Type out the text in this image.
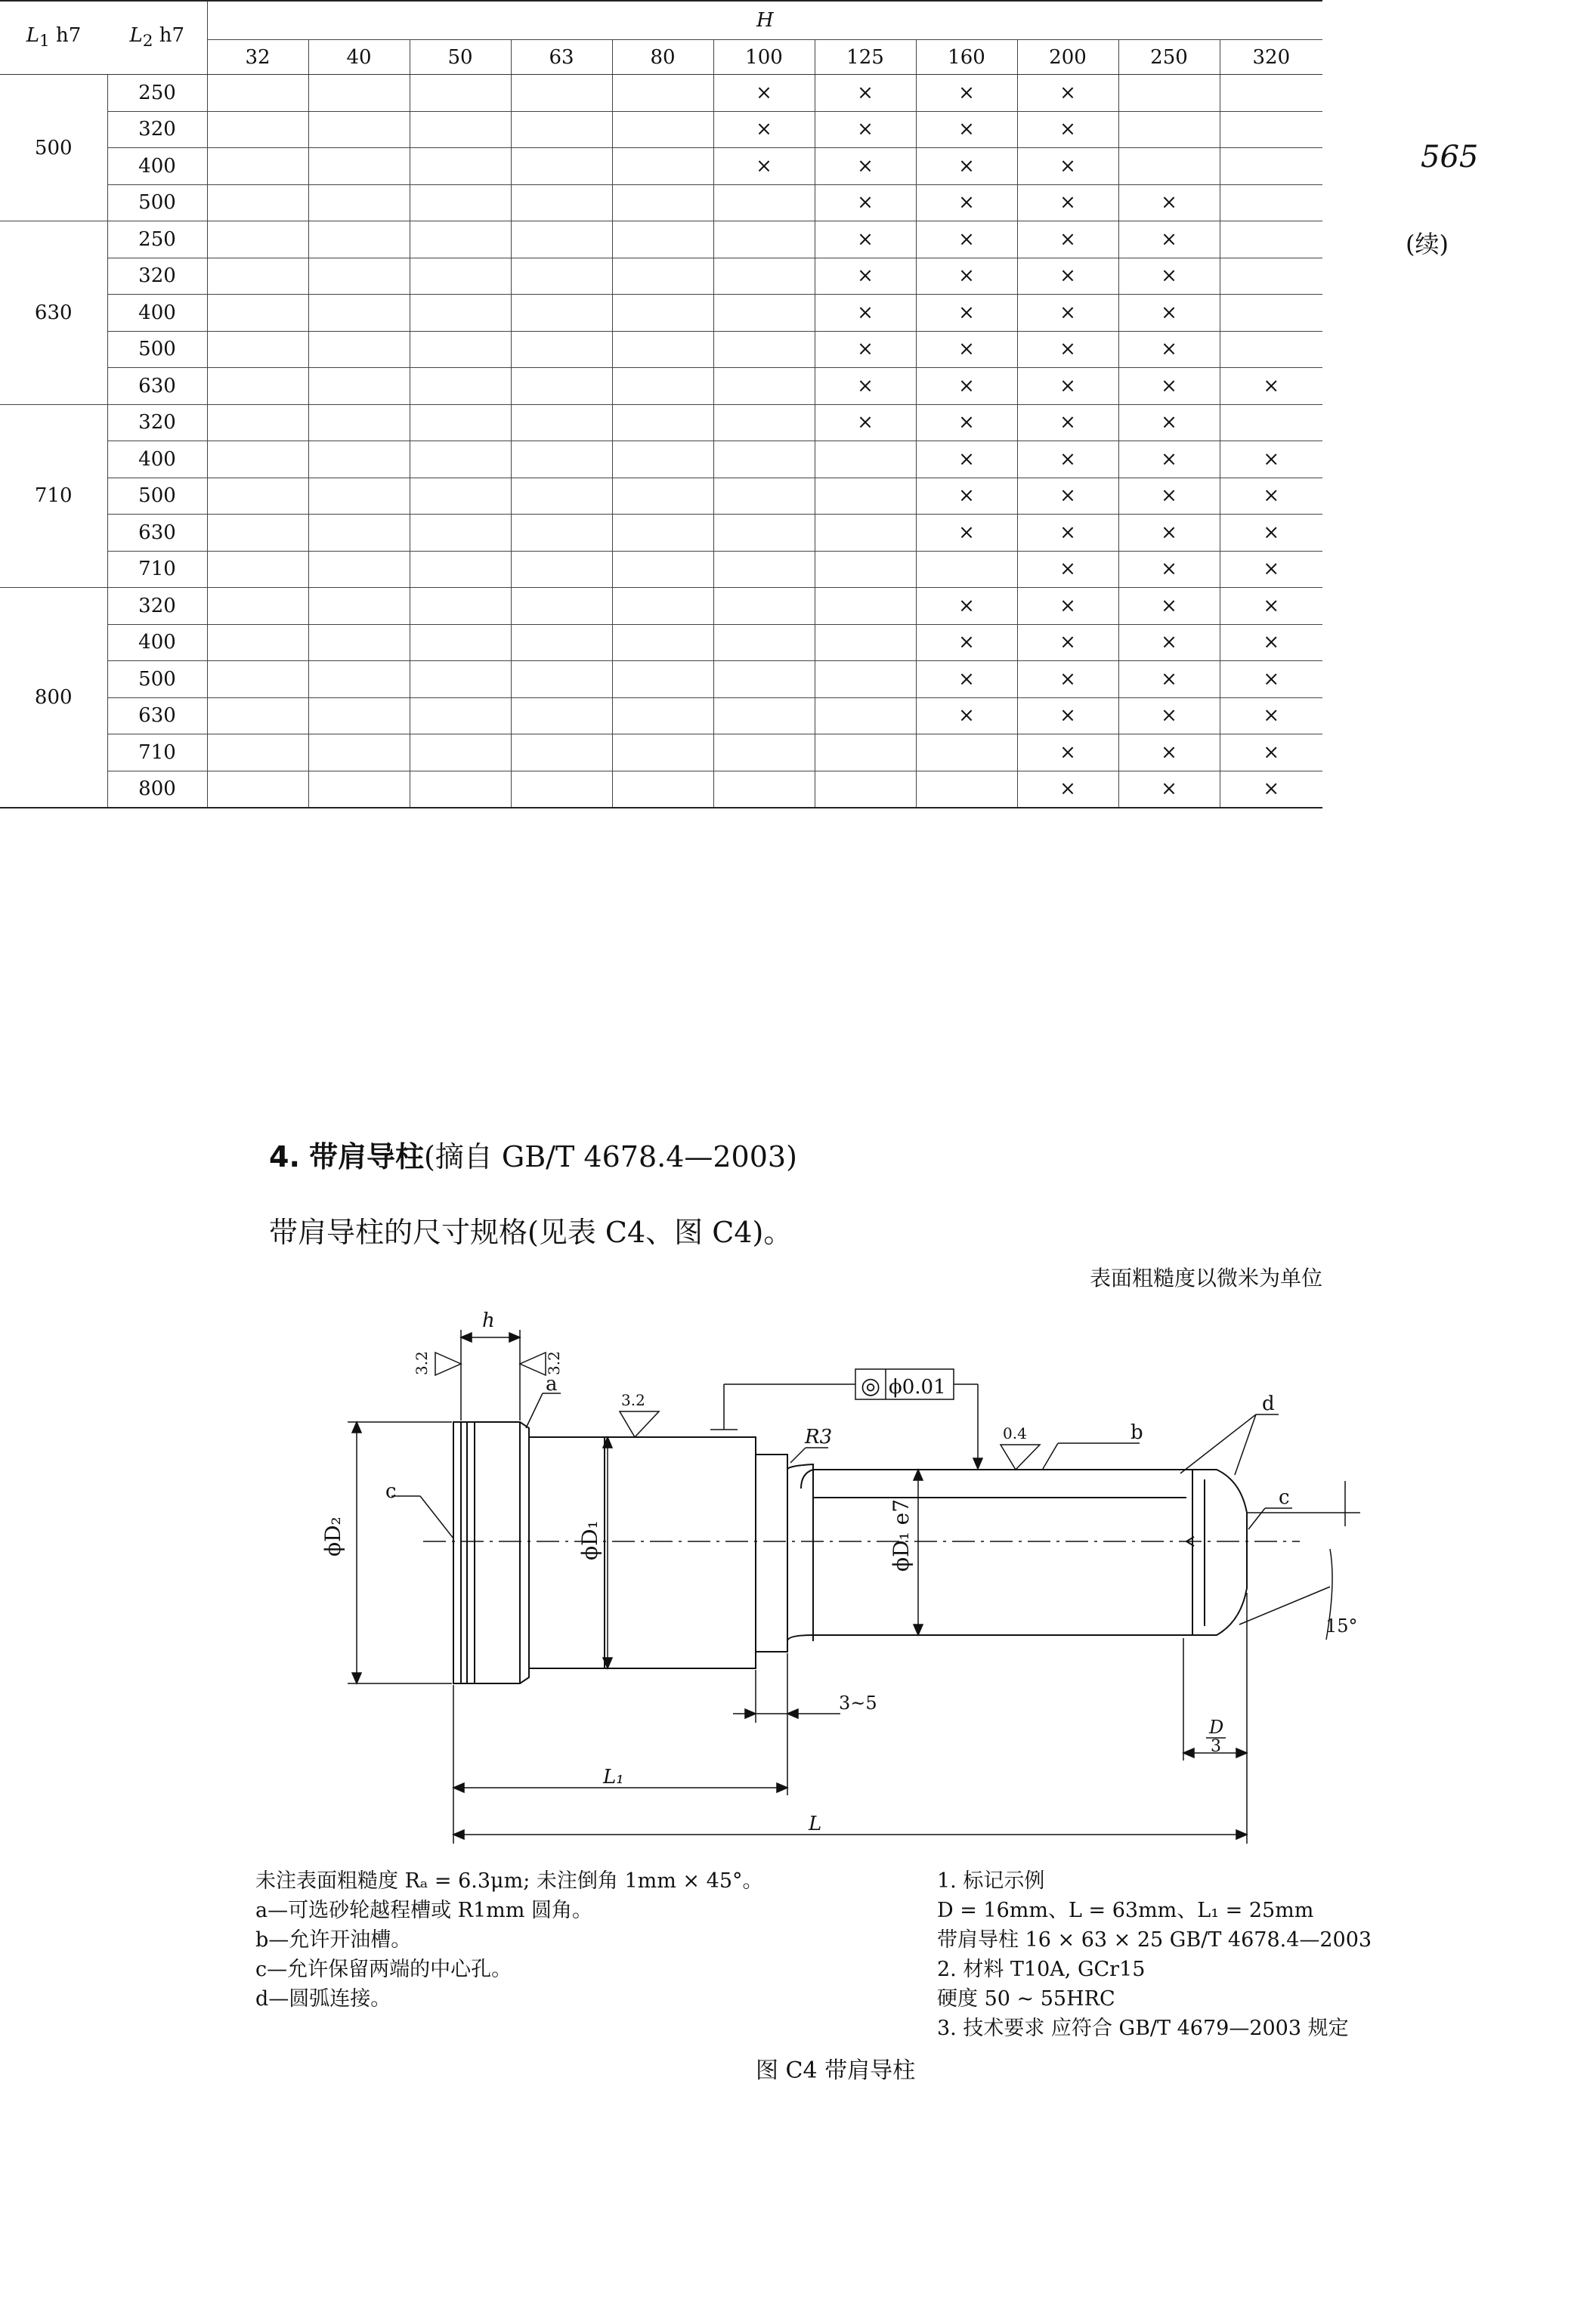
565
(续)
$L_1$ h7	$L_2$ h7	H										
		32	40	50	63	80	100	125	160	200	250	320
500	250						×	×	×	×		
	320						×	×	×	×		
	400						×	×	×	×		
	500							×	×	×	×	
630	250							×	×	×	×	
	320							×	×	×	×	
	400							×	×	×	×	
	500							×	×	×	×	
	630							×	×	×	×	×
710	320							×	×	×	×	
	400								×	×	×	×
	500								×	×	×	×
	630								×	×	×	×
	710									×	×	×
800	320								×	×	×	×
	400								×	×	×	×
	500								×	×	×	×
	630								×	×	×	×
	710									×	×	×
	800									×	×	×
4. 带肩导柱(摘自 GB/T 4678.4—2003)
带肩导柱的尺寸规格(见表 C4、图 C4)。
表面粗糙度以微米为单位
ϕD₂	ϕD₁	ϕD₁ e7
h
3.2	3.2
a
c
3.2
◎ ϕ0.01
R3	0.4	b
d
c
15°
3~5
D
3
L₁
L
未注表面粗糙度 Rₐ = 6.3μm; 未注倒角 1mm × 45°。
a—可选砂轮越程槽或 R1mm 圆角。
b—允许开油槽。
c—允许保留两端的中心孔。
d—圆弧连接。
1. 标记示例
D = 16mm、L = 63mm、L₁ = 25mm
带肩导柱 16 × 63 × 25 GB/T 4678.4—2003
2. 材料 T10A, GCr15
硬度 50 ~ 55HRC
3. 技术要求 应符合 GB/T 4679—2003 规定
图 C4 带肩导柱
